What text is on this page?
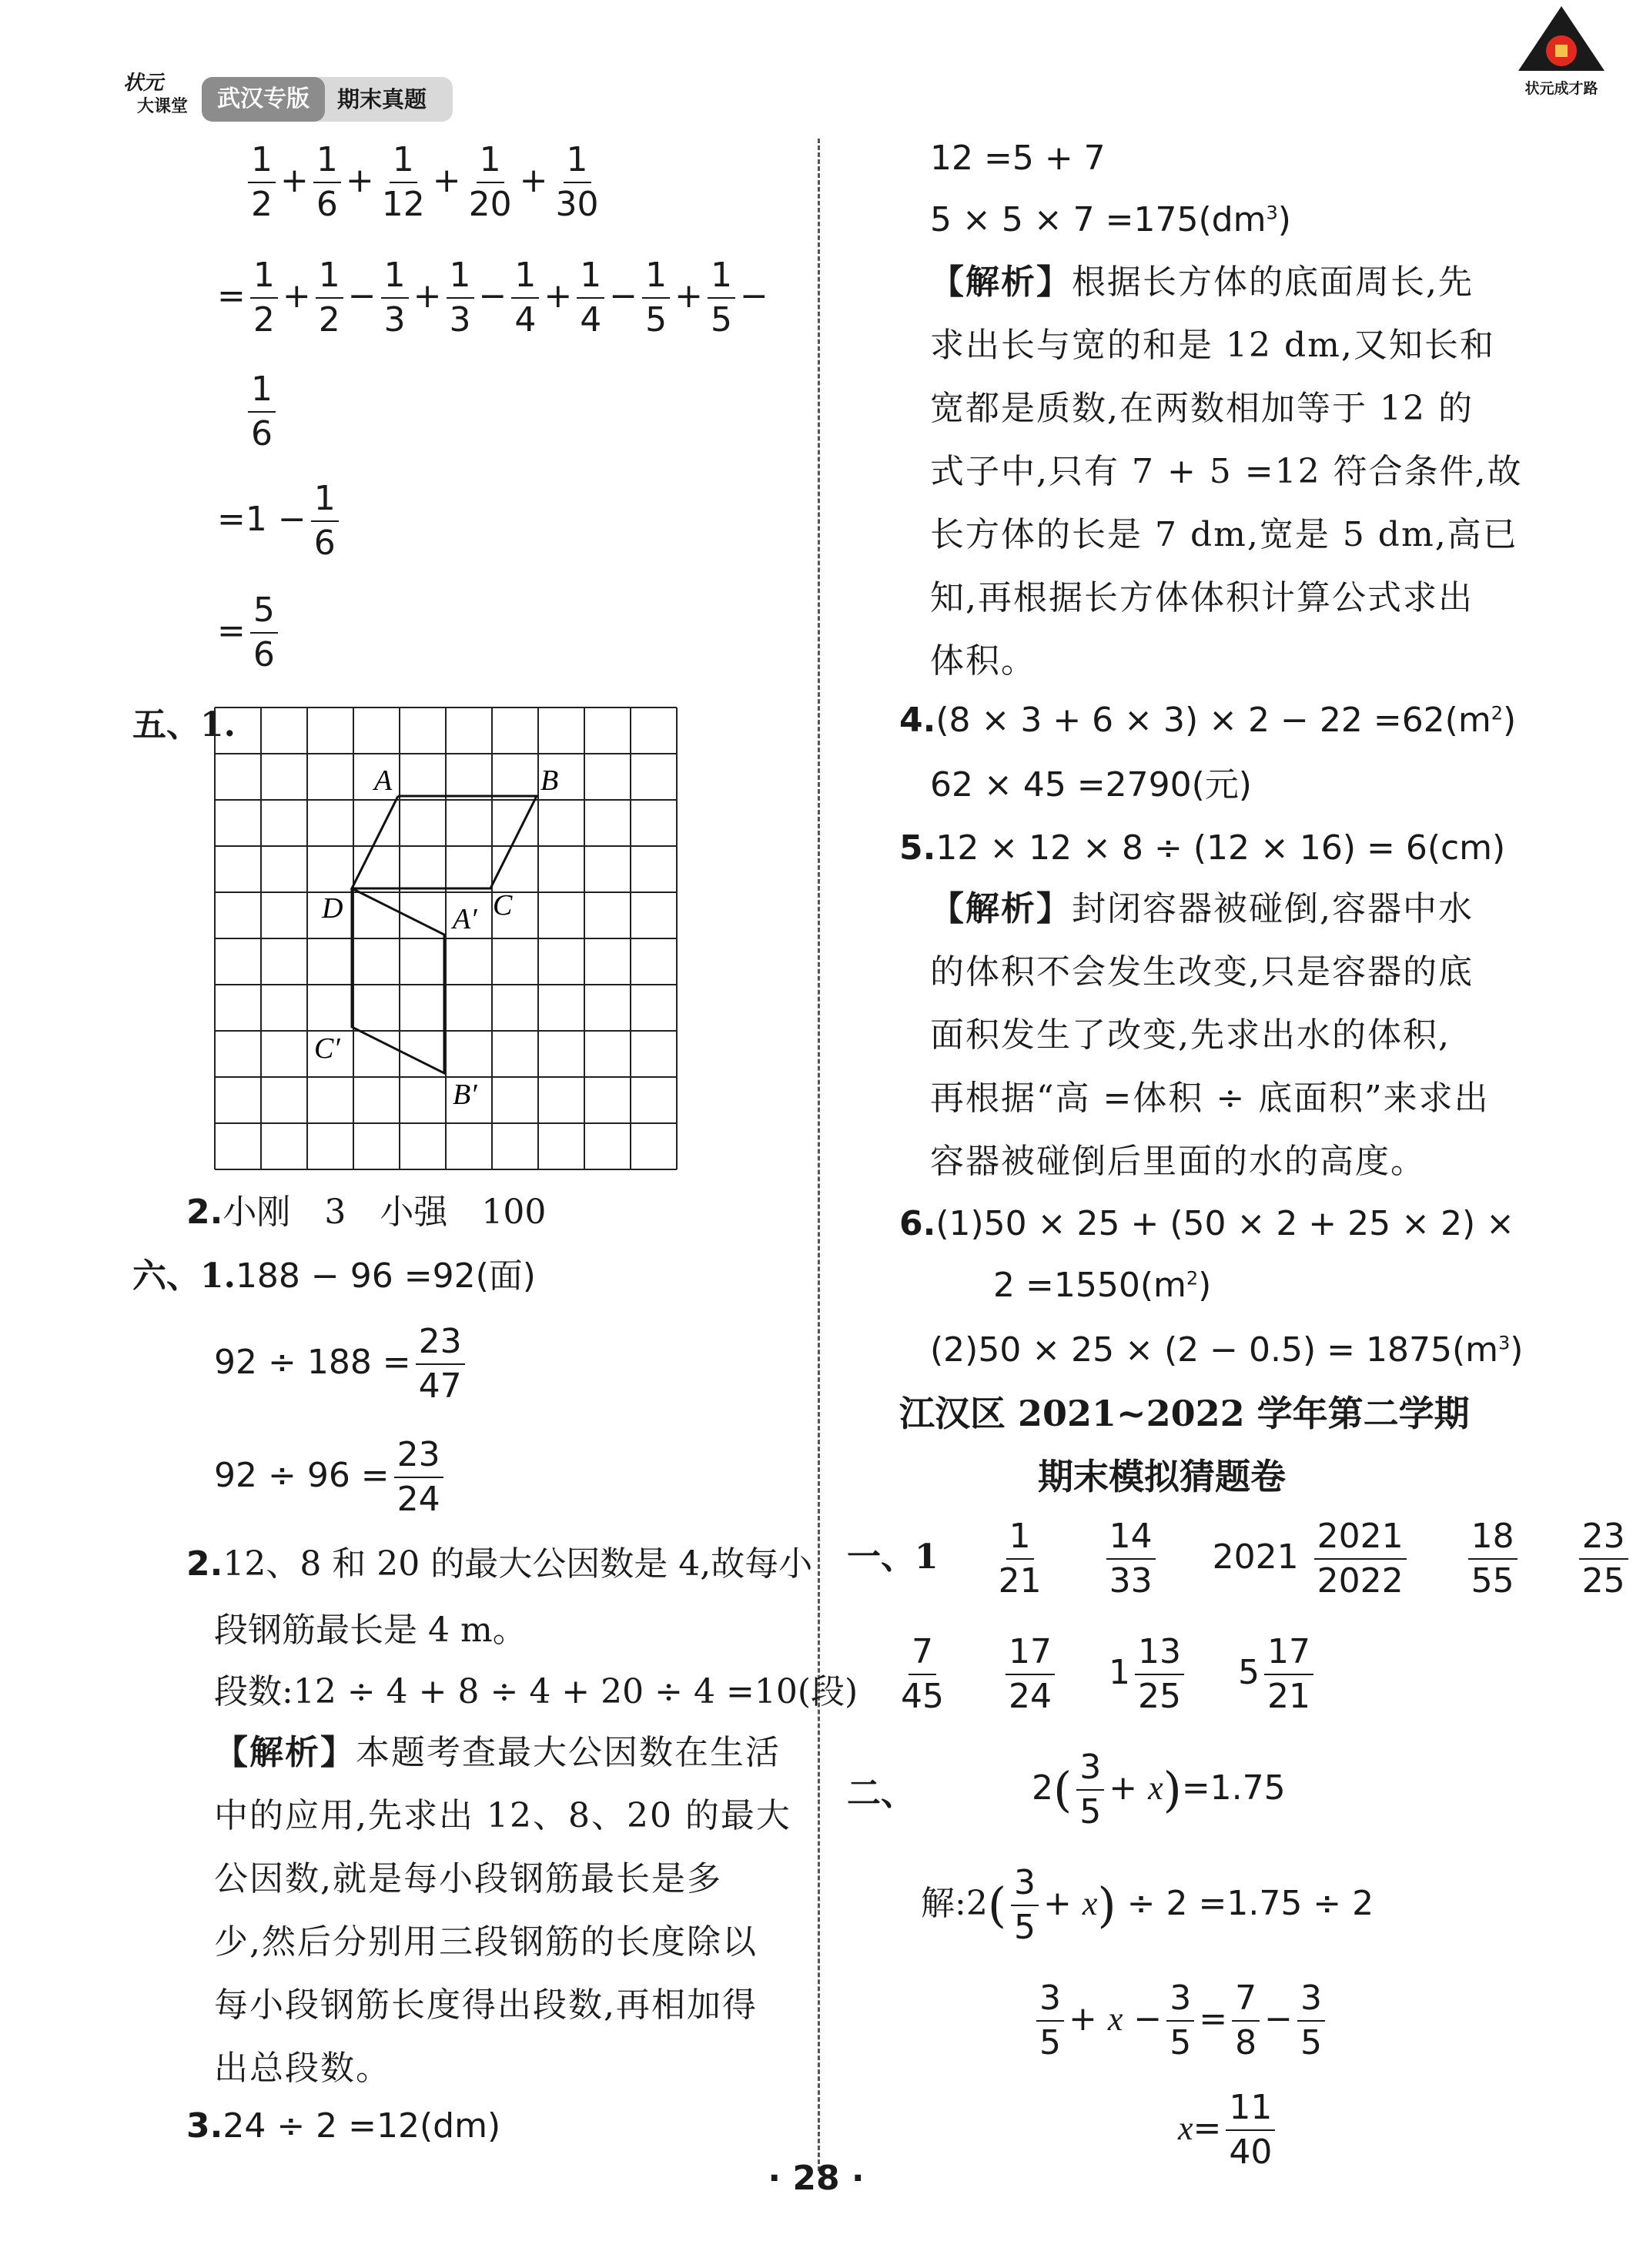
状元
大课堂	武汉专版	期末真题	状元成才路
$\frac{1}{2} + \frac{1}{6} + \frac{1}{12} + \frac{1}{20} + \frac{1}{30}$
= $\frac{1}{2} + \frac{1}{2} - \frac{1}{3} + \frac{1}{3} - \frac{1}{4} + \frac{1}{4} - \frac{1}{5} + \frac{1}{5}$ −
$\frac{1}{6}$
$=1 - \frac{1}{6}$
= $\frac{5}{6}$
五、1.
A	B
C
D	A′
C′
B′
2.小刚　3　小强　100
六、1.188 − 96 =92(面)
$92 \div 188 = \frac{23}{47}$
$92 \div 96 = \frac{23}{24}$
2.12、8 和 20 的最大公因数是 4,故每小
段钢筋最长是 4 m。
段数:12 ÷ 4 + 8 ÷ 4 + 20 ÷ 4 =10(段)
【解析】本题考查最大公因数在生活
中的应用,先求出 12、8、20 的最大
公因数,就是每小段钢筋最长是多
少,然后分别用三段钢筋的长度除以
每小段钢筋长度得出段数,再相加得
出总段数。
3.24 ÷ 2 =12(dm)
12 =5 + 7
$5 \times 5 \times 7 =175(dm^3)$
【解析】根据长方体的底面周长,先
求出长与宽的和是 12 dm,又知长和
宽都是质数,在两数相加等于 12 的
式子中,只有 7 + 5 =12 符合条件,故
长方体的长是 7 dm,宽是 5 dm,高已
知,再根据长方体体积计算公式求出
体积。
$4.(8 \times 3 + 6 \times 3) \times 2 - 22 =62(m^2)$
62 × 45 =2790(元)
5.12 × 12 × 8 ÷ (12 × 16) = 6(cm)
【解析】封闭容器被碰倒,容器中水
的体积不会发生改变,只是容器的底
面积发生了改变,先求出水的体积,
再根据“高 =体积 ÷ 底面积”来求出
容器被碰倒后里面的水的高度。
6.(1)50 × 25 + (50 × 2 + 25 × 2) ×
$2 =1550(m^2)$
$(2)50 \times 25 \times (2 - 0.5) = 1875(m^3)$
江汉区 2021~2022 学年第二学期
期末模拟猜题卷
一、$1 \frac{1}{21}$
$\frac{14}{33} 2021 \frac{2021}{2022}$
$\frac{18}{55}$
$\frac{23}{25}$
$\frac{7}{45}$
$\frac{17}{24} 1 \frac{13}{25} 5 \frac{17}{21}$
二、	$2( \frac{3}{5} + x)=1.75$
解:2( $\frac{3}{5} + x) \div 2 =1.75 \div 2$
$\frac{3}{5} + x - \frac{3}{5} = \frac{7}{8} - \frac{3}{5}$
$x= \frac{11}{40}$
· 28 ·
